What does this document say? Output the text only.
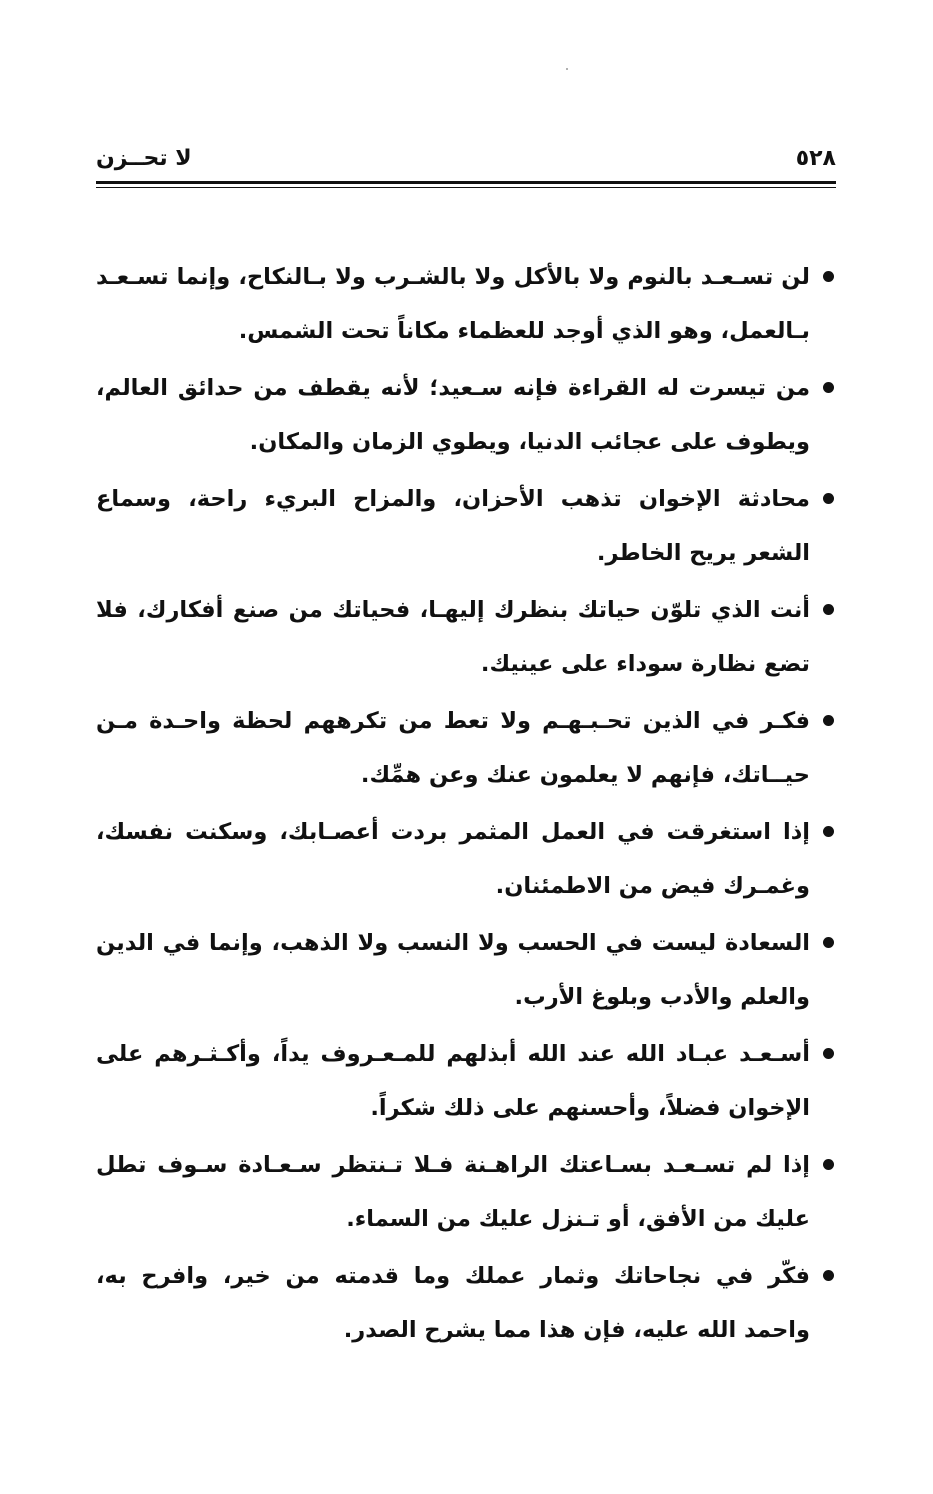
٥٢٨
لا تحــزن
لن تسـعـد بالنوم ولا بالأكل ولا بالشـرب ولا بـالنكاح، وإنما تسـعـد بـالعمل، وهو الذي أوجد للعظماء مكاناً تحت الشمس.
من تيسرت له القراءة فإنه سـعيد؛ لأنه يقطف من حدائق العالم، ويطوف على عجائب الدنيا، ويطوي الزمان والمكان.
محادثة الإخوان تذهب الأحزان، والمزاح البريء راحة، وسماع الشعر يريح الخاطر.
أنت الذي تلوّن حياتك بنظرك إليهـا، فحياتك من صنع أفكارك، فلا تضع نظارة سوداء على عينيك.
فكـر في الذين تحـبـهـم ولا تعط من تكرههم لحظة واحـدة مـن حيــاتك، فإنهم لا يعلمون عنك وعن همِّك.
إذا استغرقت في العمل المثمر بردت أعصـابك، وسكنت نفسك، وغمـرك فيض من الاطمئنان.
السعادة ليست في الحسب ولا النسب ولا الذهب، وإنما في الدين والعلم والأدب وبلوغ الأرب.
أسـعـد عبـاد الله عند الله أبذلهم للمـعـروف يداً، وأكـثـرهم على الإخوان فضلاً، وأحسنهم على ذلك شكراً.
إذا لم تسـعـد بسـاعتك الراهـنة فـلا تـنتظر سـعـادة سـوف تطل عليك من الأفق، أو تـنزل عليك من السماء.
فكّر في نجاحاتك وثمار عملك وما قدمته من خير، وافرح به، واحمد الله عليه، فإن هذا مما يشرح الصدر.
